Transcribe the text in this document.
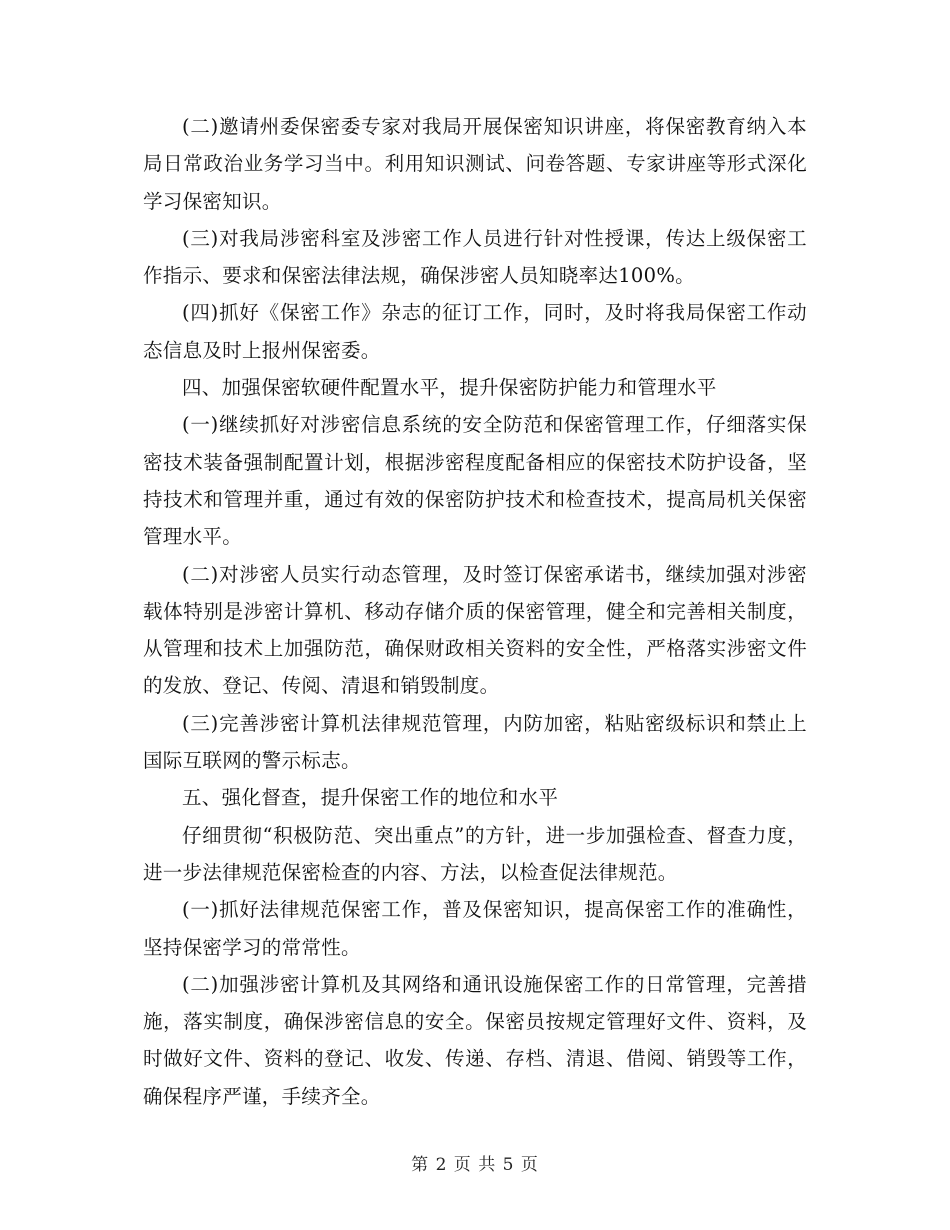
(二)邀请州委保密委专家对我局开展保密知识讲座，将保密教育纳入本局日常政治业务学习当中。利用知识测试、问卷答题、专家讲座等形式深化学习保密知识。

(三)对我局涉密科室及涉密工作人员进行针对性授课，传达上级保密工作指示、要求和保密法律法规，确保涉密人员知晓率达100%。

(四)抓好《保密工作》杂志的征订工作，同时，及时将我局保密工作动态信息及时上报州保密委。

四、加强保密软硬件配置水平，提升保密防护能力和管理水平

(一)继续抓好对涉密信息系统的安全防范和保密管理工作，仔细落实保密技术装备强制配置计划，根据涉密程度配备相应的保密技术防护设备，坚持技术和管理并重，通过有效的保密防护技术和检查技术，提高局机关保密管理水平。

(二)对涉密人员实行动态管理，及时签订保密承诺书，继续加强对涉密载体特别是涉密计算机、移动存储介质的保密管理，健全和完善相关制度，从管理和技术上加强防范，确保财政相关资料的安全性，严格落实涉密文件的发放、登记、传阅、清退和销毁制度。

(三)完善涉密计算机法律规范管理，内防加密，粘贴密级标识和禁止上国际互联网的警示标志。

五、强化督查，提升保密工作的地位和水平

仔细贯彻“积极防范、突出重点”的方针，进一步加强检查、督查力度，进一步法律规范保密检查的内容、方法，以检查促法律规范。

(一)抓好法律规范保密工作，普及保密知识，提高保密工作的准确性，坚持保密学习的常常性。

(二)加强涉密计算机及其网络和通讯设施保密工作的日常管理，完善措施，落实制度，确保涉密信息的安全。保密员按规定管理好文件、资料，及时做好文件、资料的登记、收发、传递、存档、清退、借阅、销毁等工作，确保程序严谨，手续齐全。

第 2 页 共 5 页
